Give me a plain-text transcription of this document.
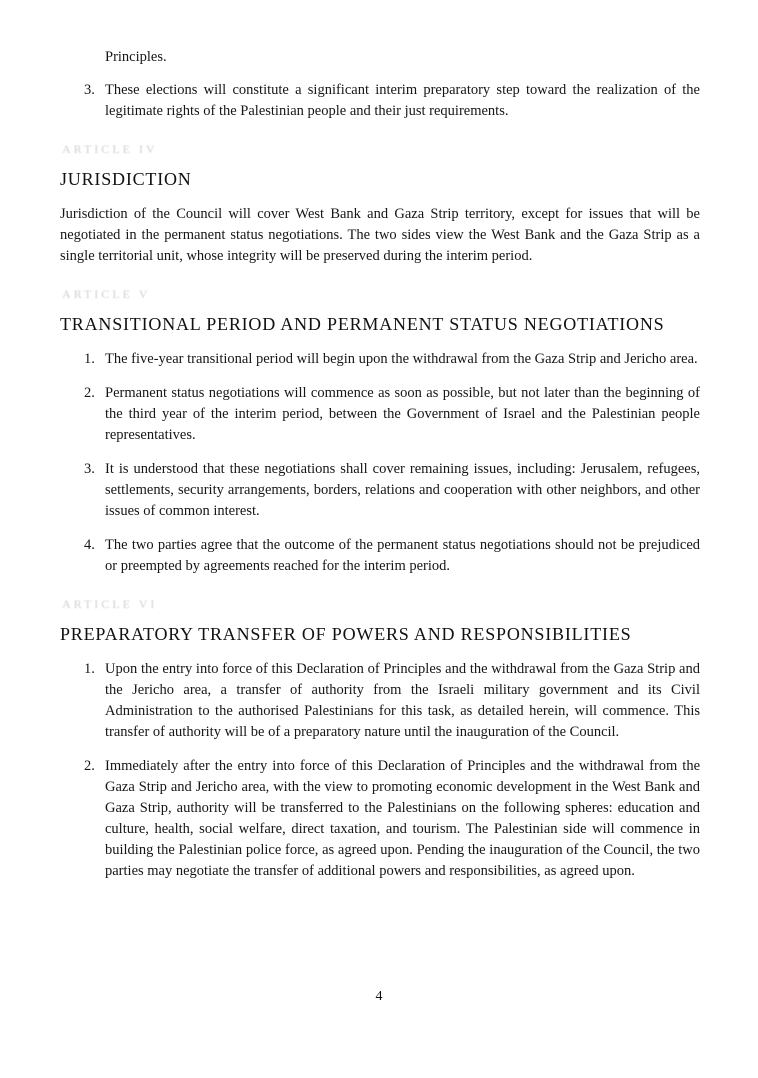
Principles.

3. These elections will constitute a significant interim preparatory step toward the realization of the legitimate rights of the Palestinian people and their just requirements.
ARTICLE IV
JURISDICTION

Jurisdiction of the Council will cover West Bank and Gaza Strip territory, except for issues that will be negotiated in the permanent status negotiations. The two sides view the West Bank and the Gaza Strip as a single territorial unit, whose integrity will be preserved during the interim period.

ARTICLE V
TRANSITIONAL PERIOD AND PERMANENT STATUS NEGOTIATIONS
1. The five-year transitional period will begin upon the withdrawal from the Gaza Strip and Jericho area.
2. Permanent status negotiations will commence as soon as possible, but not later than the beginning of the third year of the interim period, between the Government of Israel and the Palestinian people representatives.
3. It is understood that these negotiations shall cover remaining issues, including: Jerusalem, refugees, settlements, security arrangements, borders, relations and cooperation with other neighbors, and other issues of common interest.
4. The two parties agree that the outcome of the permanent status negotiations should not be prejudiced or preempted by agreements reached for the interim period.
ARTICLE VI
PREPARATORY TRANSFER OF POWERS AND RESPONSIBILITIES
1. Upon the entry into force of this Declaration of Principles and the withdrawal from the Gaza Strip and the Jericho area, a transfer of authority from the Israeli military government and its Civil Administration to the authorised Palestinians for this task, as detailed herein, will commence. This transfer of authority will be of a preparatory nature until the inauguration of the Council.
2. Immediately after the entry into force of this Declaration of Principles and the withdrawal from the Gaza Strip and Jericho area, with the view to promoting economic development in the West Bank and Gaza Strip, authority will be transferred to the Palestinians on the following spheres: education and culture, health, social welfare, direct taxation, and tourism. The Palestinian side will commence in building the Palestinian police force, as agreed upon. Pending the inauguration of the Council, the two parties may negotiate the transfer of additional powers and responsibilities, as agreed upon.
4
